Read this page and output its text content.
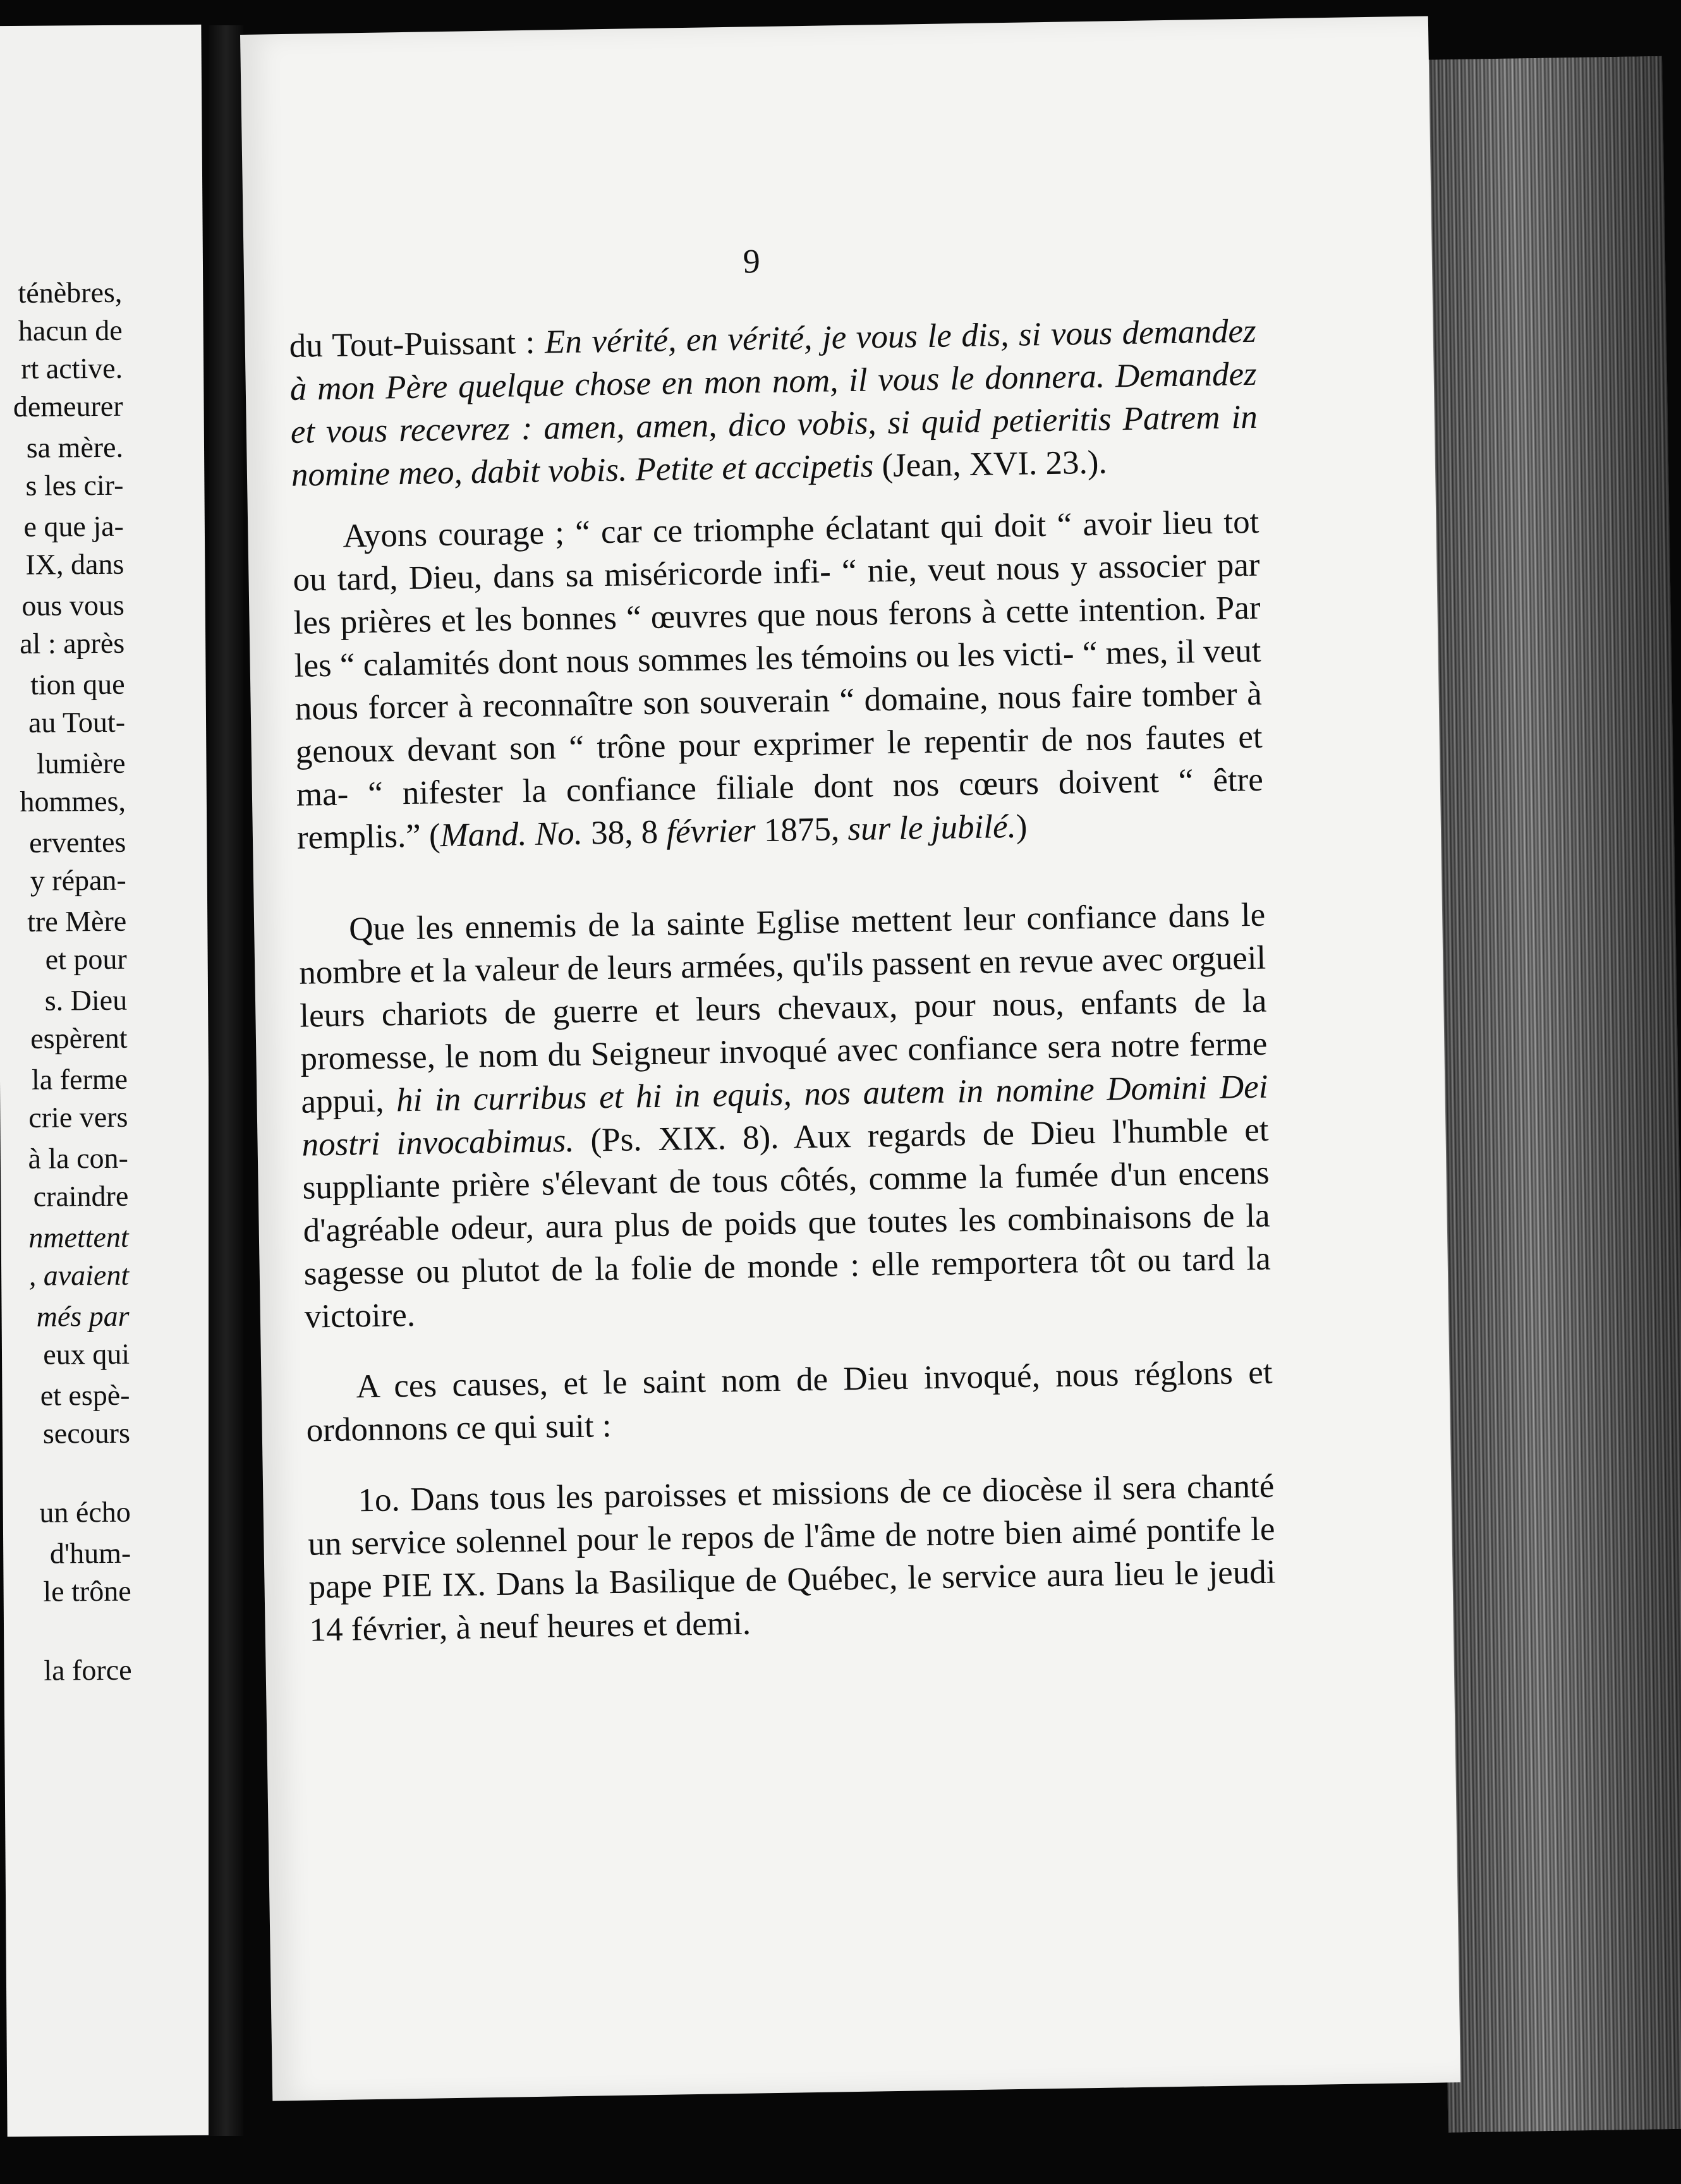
ténèbres,
hacun de
rt active.
demeurer
sa mère.
s les cir-
e que ja-
IX, dans
ous vous
al : après
tion que
au Tout-
lumière
hommes,
erventes
y répan-
tre Mère
et pour
s. Dieu
espèrent
la ferme
crie vers
à la con-
craindre
nmettent
, avaient
més par
eux qui
et espè-
secours
un écho
d'hum-
le trône
la force
9

du Tout-Puissant : En vérité, en vérité, je vous le dis, si vous demandez à mon Père quelque chose en mon nom, il vous le donnera. Demandez et vous recevrez : amen, amen, dico vobis, si quid petieritis Patrem in nomine meo, dabit vobis. Petite et accipetis (Jean, XVI. 23.).

Ayons courage ; “ car ce triomphe éclatant qui doit “ avoir lieu tot ou tard, Dieu, dans sa miséricorde infi- “ nie, veut nous y associer par les prières et les bonnes “ œuvres que nous ferons à cette intention. Par les “ calamités dont nous sommes les témoins ou les victi- “ mes, il veut nous forcer à reconnaître son souverain “ domaine, nous faire tomber à genoux devant son “ trône pour exprimer le repentir de nos fautes et ma- “ nifester la confiance filiale dont nos cœurs doivent “ être remplis.” (Mand. No. 38, 8 février 1875, sur le jubilé.)

Que les ennemis de la sainte Eglise mettent leur confiance dans le nombre et la valeur de leurs armées, qu'ils passent en revue avec orgueil leurs chariots de guerre et leurs chevaux, pour nous, enfants de la promesse, le nom du Seigneur invoqué avec confiance sera notre ferme appui, hi in curribus et hi in equis, nos autem in nomine Domini Dei nostri invocabimus. (Ps. XIX. 8). Aux regards de Dieu l'humble et suppliante prière s'élevant de tous côtés, comme la fumée d'un encens d'agréable odeur, aura plus de poids que toutes les combinaisons de la sagesse ou plutot de la folie de monde : elle remportera tôt ou tard la victoire.

A ces causes, et le saint nom de Dieu invoqué, nous réglons et ordonnons ce qui suit :

1o. Dans tous les paroisses et missions de ce diocèse il sera chanté un service solennel pour le repos de l'âme de notre bien aimé pontife le pape PIE IX. Dans la Basilique de Québec, le service aura lieu le jeudi 14 février, à neuf heures et demi.
